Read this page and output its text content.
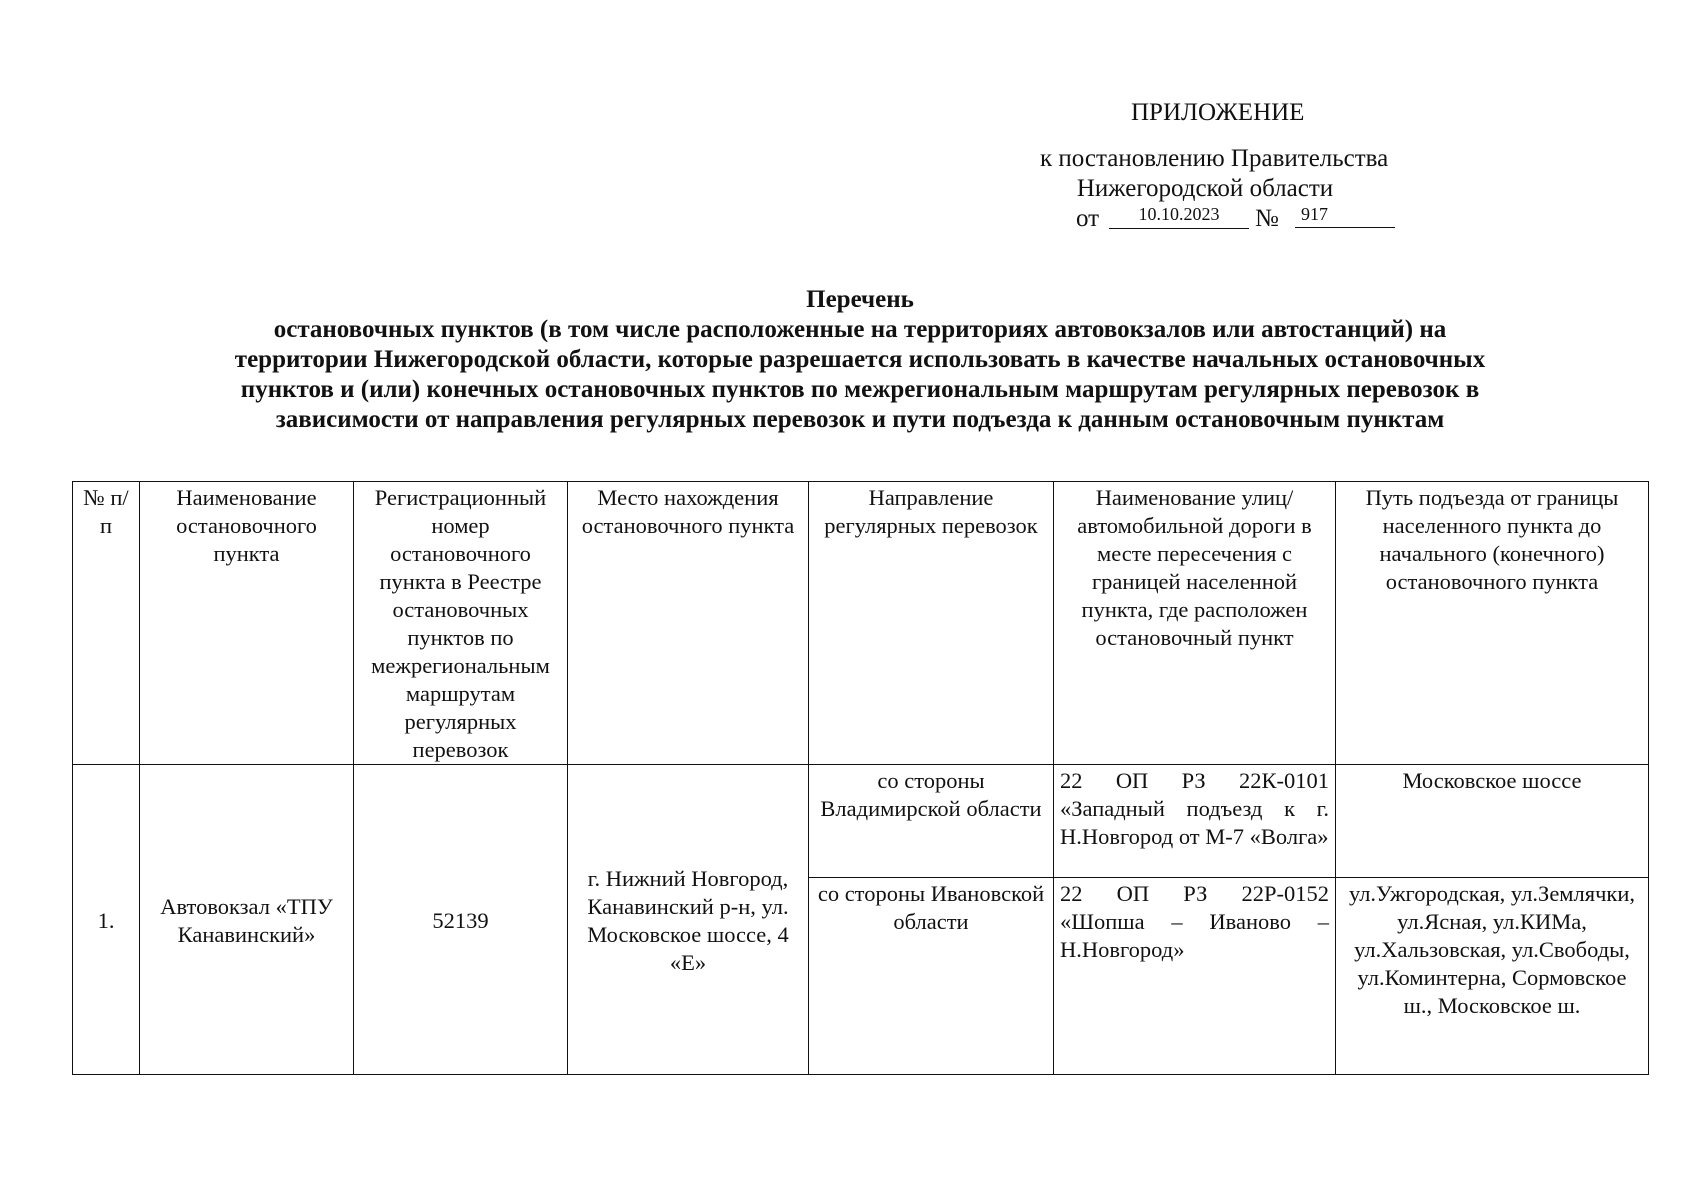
ПРИЛОЖЕНИЕ
к постановлению Правительства
Нижегородской области
от	10.10.2023	№	917
Перечень
остановочных пунктов (в том числе расположенные на территориях автовокзалов или автостанций) на
территории Нижегородской области, которые разрешается использовать в качестве начальных остановочных
пунктов и (или) конечных остановочных пунктов по межрегиональным маршрутам регулярных перевозок в
зависимости от направления регулярных перевозок и пути подъезда к данным остановочным пунктам
№ п/п	Наименование остановочного пункта	Регистрационный номер остановочного пункта в Реестре остановочных пунктов по межрегиональным маршрутам регулярных перевозок	Место нахождения остановочного пункта	Направление регулярных перевозок	Наименование улиц/автомобильной дороги в месте пересечения с границей населенной пункта, где расположен остановочный пункт	Путь подъезда от границы населенного пункта до начального (конечного) остановочного пункта
1.	Автовокзал «ТПУ Канавинский»	52139	г. Нижний Новгород, Канавинский р-н, ул. Московское шоссе, 4 «Е»	со стороны Владимирской области	22 ОП РЗ 22К-0101 «Западный подъезд к г. Н.Новгород от М-7 «Волга»	Московское шоссе
				со стороны Ивановской области	22 ОП РЗ 22Р-0152 «Шопша – Иваново – Н.Новгород»	ул.Ужгородская, ул.Землячки, ул.Ясная, ул.КИМа, ул.Хальзовская, ул.Свободы, ул.Коминтерна, Сормовское ш., Московское ш.
